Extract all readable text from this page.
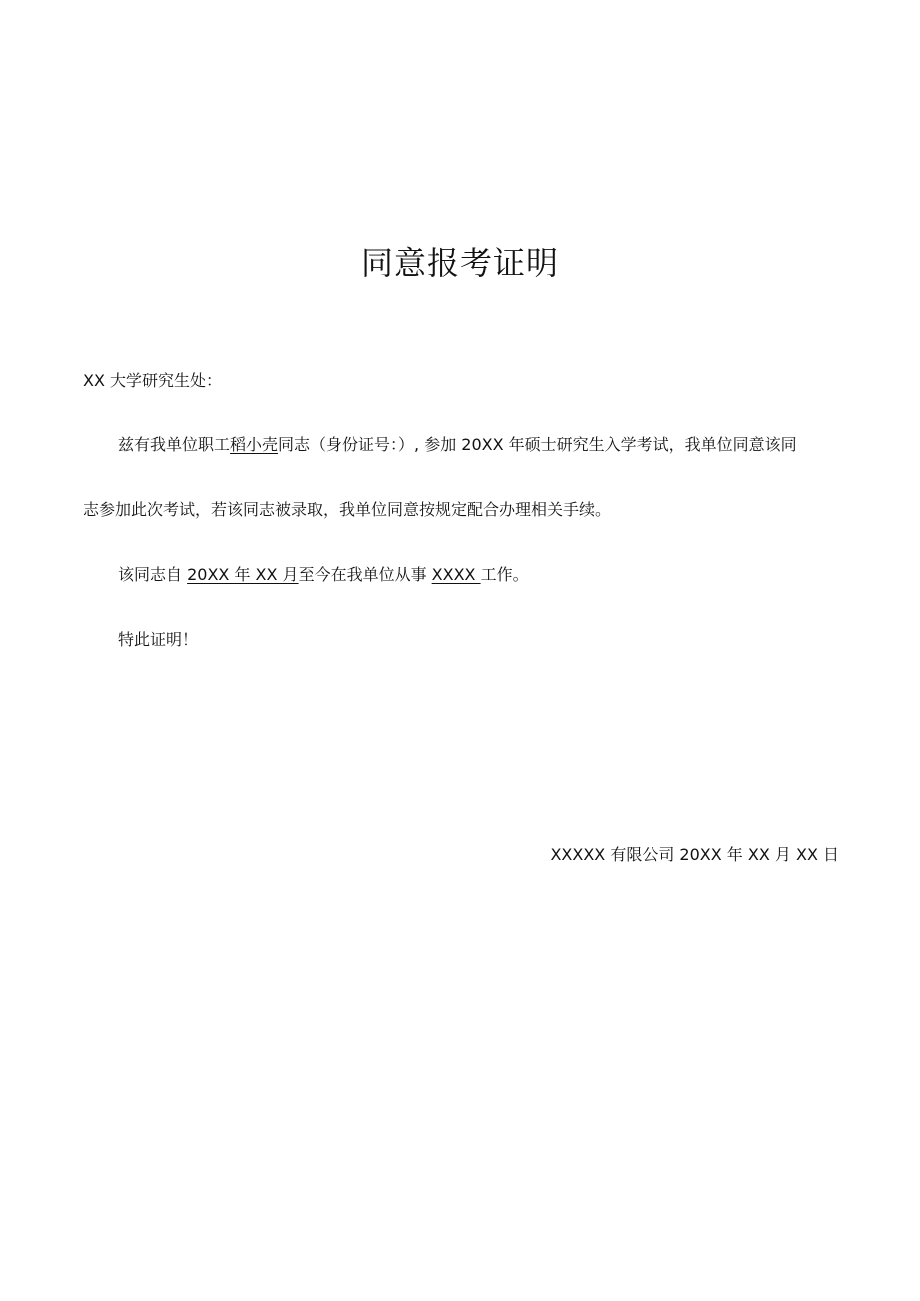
同意报考证明
XX 大学研究生处：
兹有我单位职工稻小壳同志（身份证号：）, 参加 20XX 年硕士研究生入学考试，我单位同意该同
志参加此次考试，若该同志被录取，我单位同意按规定配合办理相关手续。
该同志自 20XX 年 XX 月至今在我单位从事 XXXX 工作。
特此证明！
XXXXX 有限公司 20XX 年 XX 月 XX 日
